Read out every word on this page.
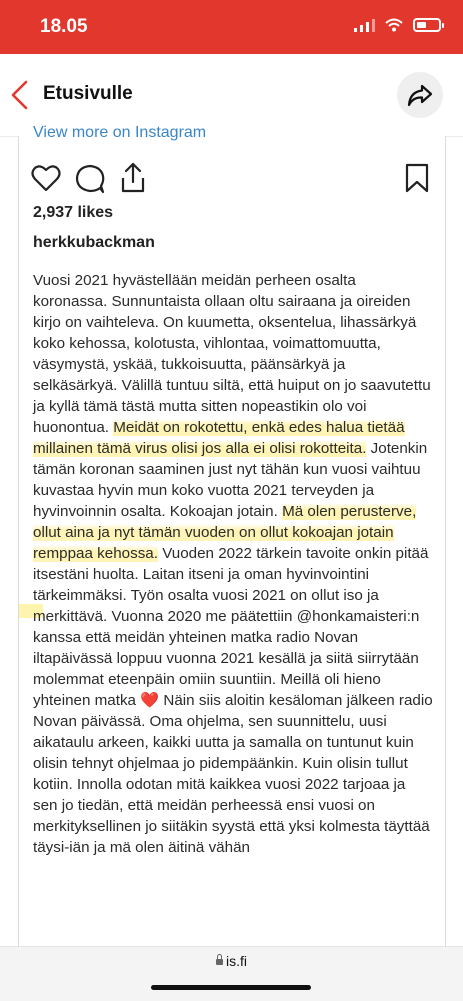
18.05
Etusivulle
View more on Instagram
2,937 likes
herkkubackman

Vuosi 2021 hyvästellään meidän perheen osalta koronassa. Sunnuntaista ollaan oltu sairaana ja oireiden kirjo on vaihteleva. On kuumetta, oksentelua, lihassärkyä koko kehossa, kolotusta, vihlontaa, voimattomuutta, väsymystä, yskää, tukkoisuutta, päänsärkyä ja selkäsärkyä. Välillä tuntuu siltä, että huiput on jo saavutettu ja kyllä tämä tästä mutta sitten nopeastikin olo voi huonontua. Meidät on rokotettu, enkä edes halua tietää millainen tämä virus olisi jos alla ei olisi rokotteita. Jotenkin tämän koronan saaminen just nyt tähän kun vuosi vaihtuu kuvastaa hyvin mun koko vuotta 2021 terveyden ja hyvinvoinnin osalta. Kokoajan jotain. Mä olen perusterve, ollut aina ja nyt tämän vuoden on ollut kokoajan jotain remppaa kehossa. Vuoden 2022 tärkein tavoite onkin pitää itsestäni huolta. Laitan itseni ja oman hyvinvointini tärkeimmäksi. Työn osalta vuosi 2021 on ollut iso ja merkittävä. Vuonna 2020 me päätettiin @honkamaisteri:n kanssa että meidän yhteinen matka radio Novan iltapäivässä loppuu vuonna 2021 kesällä ja siitä siirrytään molemmat eteenpäin omiin suuntiin. Meillä oli hieno yhteinen matka ❤️ Näin siis aloitin kesäloman jälkeen radio Novan päivässä. Oma ohjelma, sen suunnittelu, uusi aikataulu arkeen, kaikki uutta ja samalla on tuntunut kuin olisin tehnyt ohjelmaa jo pidempäänkin. Kuin olisin tullut kotiin. Innolla odotan mitä kaikkea vuosi 2022 tarjoaa ja sen jo tiedän, että meidän perheessä ensi vuosi on merkityksellinen jo siitäkin syystä että yksi kolmesta täyttää täysi-iän ja mä olen äitinä vähän

is.fi
